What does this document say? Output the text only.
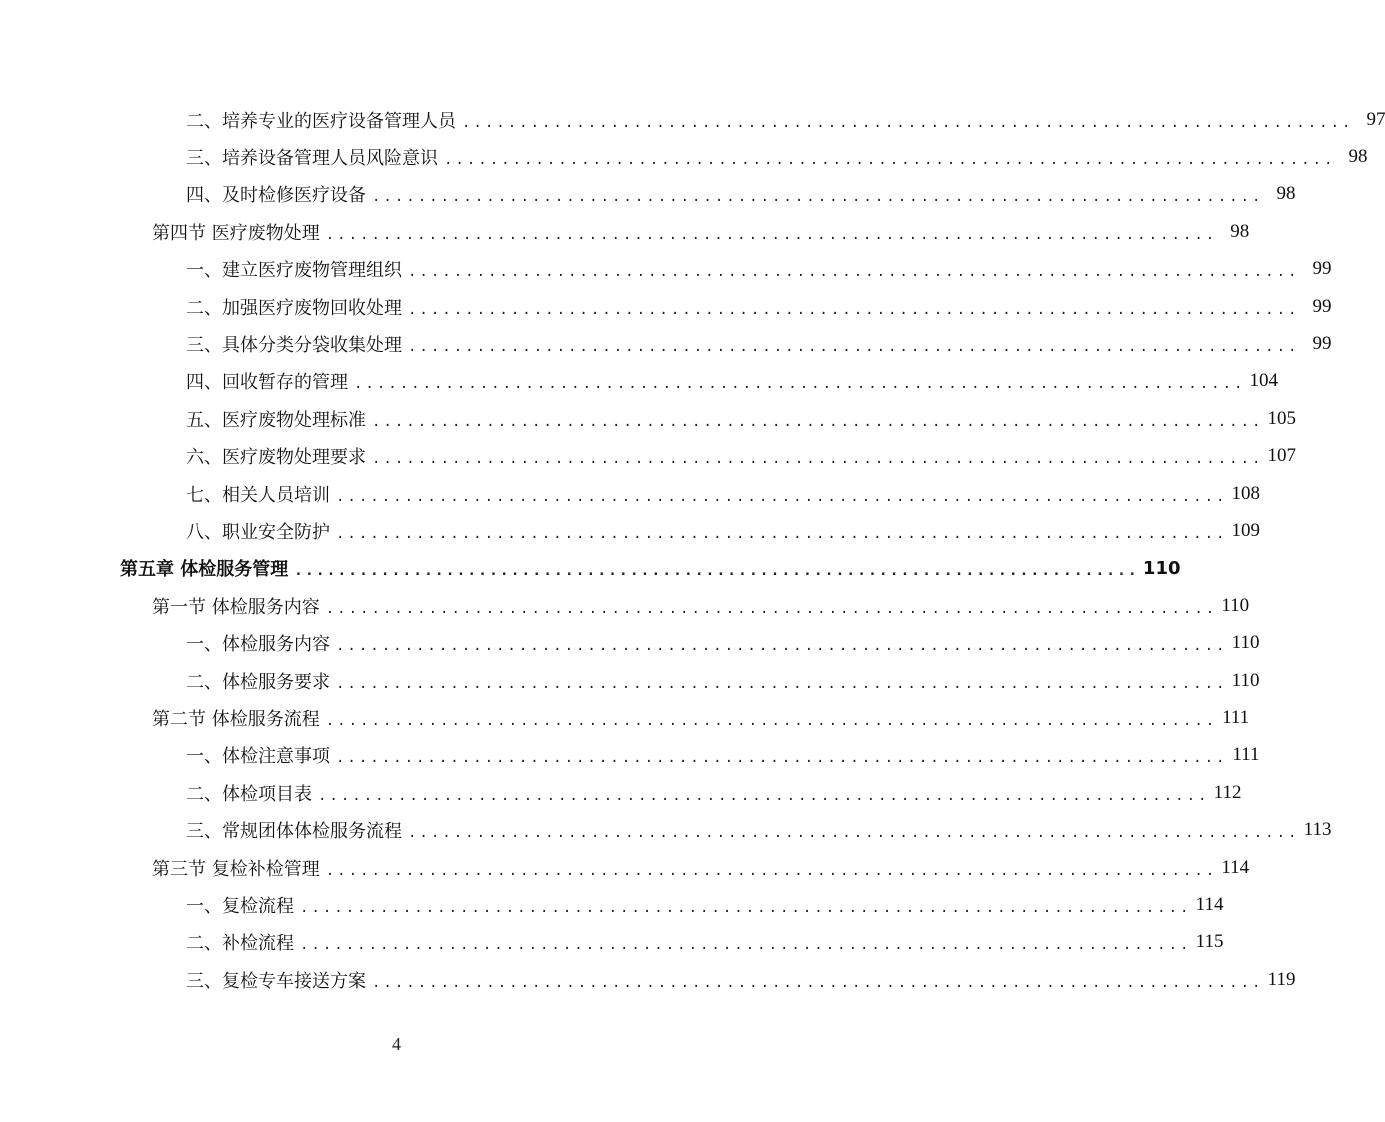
二、培养专业的医疗设备管理人员 .............................................................................. 97
三、培养设备管理人员风险意识 .............................................................................. 98
四、及时检修医疗设备 .............................................................................. 98
第四节 医疗废物处理 .............................................................................. 98
一、建立医疗废物管理组织 .............................................................................. 99
二、加强医疗废物回收处理 .............................................................................. 99
三、具体分类分袋收集处理 .............................................................................. 99
四、回收暂存的管理 .............................................................................. 104
五、医疗废物处理标准 .............................................................................. 105
六、医疗废物处理要求 .............................................................................. 107
七、相关人员培训 .............................................................................. 108
八、职业安全防护 .............................................................................. 109
第五章 体检服务管理 .............................................................................. 110
第一节 体检服务内容 .............................................................................. 110
一、体检服务内容 .............................................................................. 110
二、体检服务要求 .............................................................................. 110
第二节 体检服务流程 .............................................................................. 111
一、体检注意事项 .............................................................................. 111
二、体检项目表 .............................................................................. 112
三、常规团体体检服务流程 .............................................................................. 113
第三节 复检补检管理 .............................................................................. 114
一、复检流程 .............................................................................. 114
二、补检流程 .............................................................................. 115
三、复检专车接送方案 .............................................................................. 119
4
